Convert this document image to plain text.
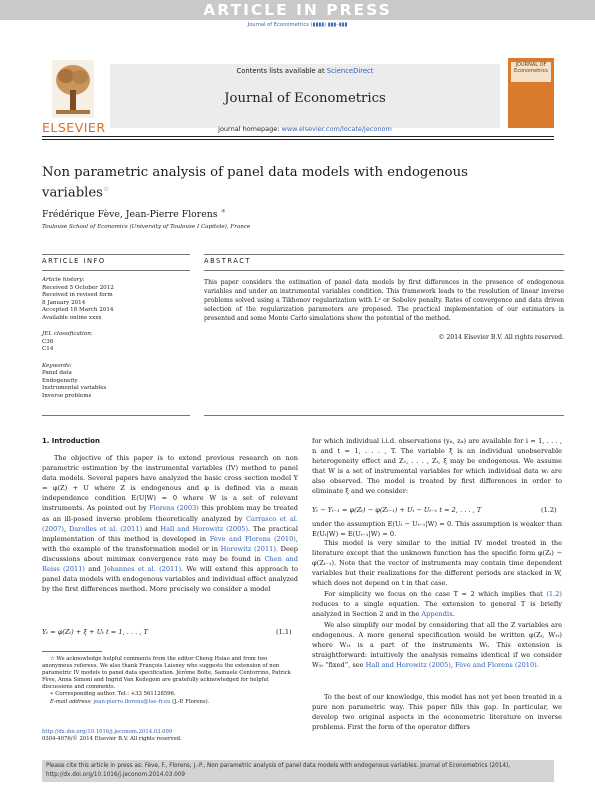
ARTICLE IN PRESS
Journal of Econometrics (▮▮▮▮) ▮▮▮–▮▮▮
ELSEVIER
Contents lists available at ScienceDirect
Journal of Econometrics
journal homepage: www.elsevier.com/locate/jeconom
JOURNAL OF Econometrics
Non parametric analysis of panel data models with endogenous variables☆
Frédérique Fève, Jean-Pierre Florens ∗
Toulouse School of Economics (University of Toulouse I Capitole), France
ARTICLE INFO
Article history:
Received 5 October 2012
Received in revised form
8 January 2014
Accepted 18 March 2014
Available online xxxx
JEL classification:
C36
C14
Keywords:
Panel data
Endogeneity
Instrumental variables
Inverse problems
ABSTRACT
This paper considers the estimation of panel data models by first differences in the presence of endogenous variables and under an instrumental variables condition. This framework leads to the resolution of linear inverse problems solved using a Tikhonov regularization with L² or Sobolev penalty. Rates of convergence and data driven selection of the regularization parameters are proposed. The practical implementation of our estimators is presented and some Monte Carlo simulations show the potential of the method.
© 2014 Elsevier B.V. All rights reserved.
1. Introduction
The objective of this paper is to extend previous research on non parametric estimation by the instrumental variables (IV) method to panel data models. Several papers have analyzed the basic cross section model Y = φ(Z) + U where Z is endogenous and φ is defined via a mean independence condition E(U|W) = 0 where W is a set of relevant instruments. As pointed out by Florens (2003) this problem may be treated as an ill-posed inverse problem theoretically analyzed by Carrasco et al. (2007), Darolles et al. (2011) and Hall and Horowitz (2005). The practical implementation of this method is developed in Fève and Florens (2010), with the example of the transformation model or in Horowitz (2011). Deep discussions about minimax convergence rate may be found in Chen and Reiss (2011) and Johannes et al. (2011). We will extend this approach to panel data models with endogenous variables and individual effect analyzed by the first differences method. More precisely we consider a model
Yₜ = φ(Zₜ) + ξ + Uₜ t = 1, . . . , T	(1.1)
☆ We acknowledge helpful comments from the editor Cheng Hsiao and from two anonymous referees. We also thank François Laisney who suggests the extension of non parametric IV models to panel data specification. Jérôme Bolte, Samuele Centorrino, Patrick Fève, Anna Simoni and Ingrid Van Keilegom are gratefully acknowledged for helpful discussions and comments.
∗ Corresponding author. Tel.: +33 561128596.
E-mail address: jean-pierre.florens@tse-fr.eu (J.-P. Florens).
http://dx.doi.org/10.1016/j.jeconom.2014.03.009
0304-4076/© 2014 Elsevier B.V. All rights reserved.
for which individual i.i.d. observations (yᵢₜ, zᵢₜ) are available for i = 1, . . . , n and t = 1, . . . , T. The variable ξ is an individual unobservable heterogeneity effect and Z₁, . . . , Zₜ, ξ may be endogenous. We assume that W is a set of instrumental variables for which individual data wᵢ are also observed. The model is treated by first differences in order to eliminate ξ and we consider:
Yₜ − Yₜ₋₁ = φ(Zₜ) − φ(Zₜ₋₁) + Uₜ − Uₜ₋₁ t = 2, . . . , T	(1.2)
under the assumption E(Uₜ − Uₜ₋₁|W) = 0. This assumption is weaker than E(Uₜ|W) = E(Uₜ₋₁|W) = 0.
This model is very similar to the initial IV model treated in the literature except that the unknown function has the specific form φ(Zₜ) − φ(Zₜ₋₁). Note that the vector of instruments may contain time dependent variables but their realizations for the different periods are stacked in W, which does not depend on t in that case.
For simplicity we focus on the case T = 2 which implies that (1.2) reduces to a single equation. The extension to general T is briefly analyzed in Section 2 and in the Appendix.
We also simplify our model by considering that all the Z variables are endogenous. A more general specification would be written φ(Zₜ, W₁ₜ) where W₁ₜ is a part of the instruments Wₜ. This extension is straightforward: intuitively the analysis remains identical if we consider W₁ₜ “fixed”, see Hall and Horowitz (2005), Fève and Florens (2010).
To the best of our knowledge, this model has not yet been treated in a pure non parametric way. This paper fills this gap. In particular, we develop two original aspects in the econometric literature on inverse problems. First the form of the operator differs
Please cite this article in press as: Fève, F., Florens, J.-P., Non parametric analysis of panel data models with endogenous variables. Journal of Econometrics (2014), http://dx.doi.org/10.1016/j.jeconom.2014.03.009
